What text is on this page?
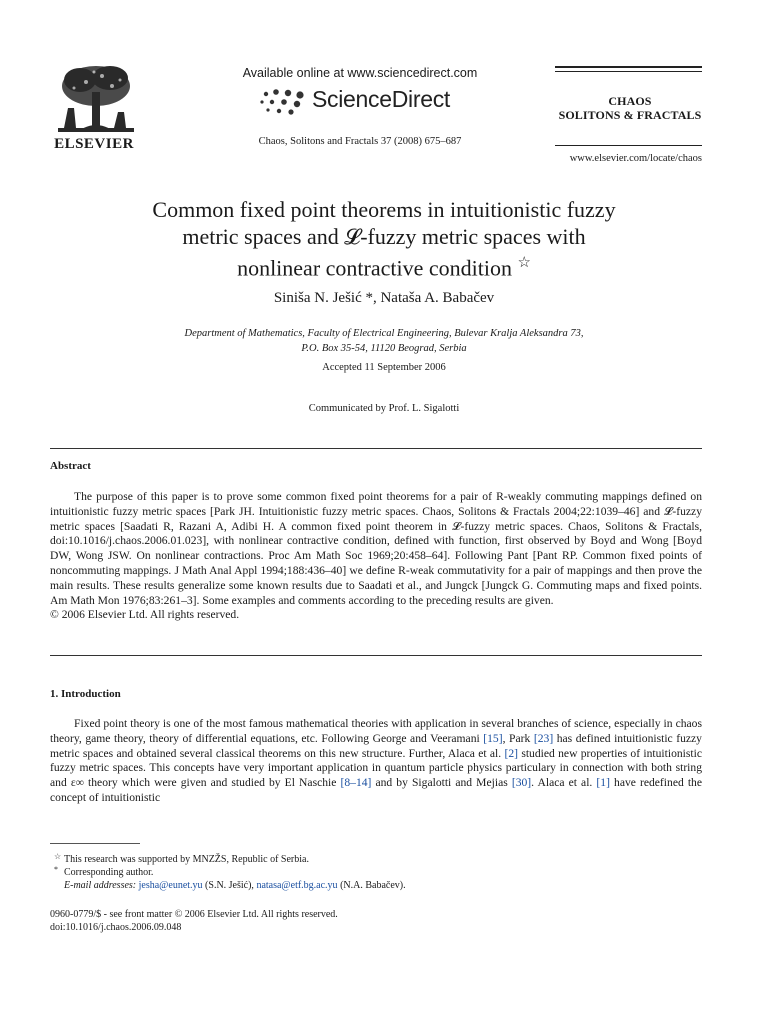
ELSEVIER
Available online at www.sciencedirect.com
ScienceDirect
Chaos, Solitons and Fractals 37 (2008) 675–687
CHAOS
SOLITONS & FRACTALS
www.elsevier.com/locate/chaos
Common fixed point theorems in intuitionistic fuzzy
metric spaces and 𝓛-fuzzy metric spaces with
nonlinear contractive condition ☆
Siniša N. Ješić *, Nataša A. Babačev
Department of Mathematics, Faculty of Electrical Engineering, Bulevar Kralja Aleksandra 73,
P.O. Box 35-54, 11120 Beograd, Serbia
Accepted 11 September 2006
Communicated by Prof. L. Sigalotti
Abstract
The purpose of this paper is to prove some common fixed point theorems for a pair of R-weakly commuting mappings defined on intuitionistic fuzzy metric spaces [Park JH. Intuitionistic fuzzy metric spaces. Chaos, Solitons & Fractals 2004;22:1039–46] and 𝓛-fuzzy metric spaces [Saadati R, Razani A, Adibi H. A common fixed point theorem in 𝓛-fuzzy metric spaces. Chaos, Solitons & Fractals, doi:10.1016/j.chaos.2006.01.023], with nonlinear contractive condition, defined with function, first observed by Boyd and Wong [Boyd DW, Wong JSW. On nonlinear contractions. Proc Am Math Soc 1969;20:458–64]. Following Pant [Pant RP. Common fixed points of noncommuting mappings. J Math Anal Appl 1994;188:436–40] we define R-weak commutativity for a pair of mappings and then prove the main results. These results generalize some known results due to Saadati et al., and Jungck [Jungck G. Commuting maps and fixed points. Am Math Mon 1976;83:261–3]. Some examples and comments according to the preceding results are given.
© 2006 Elsevier Ltd. All rights reserved.
1. Introduction
Fixed point theory is one of the most famous mathematical theories with application in several branches of science, especially in chaos theory, game theory, theory of differential equations, etc. Following George and Veeramani [15], Park [23] has defined intuitionistic fuzzy metric spaces and obtained several classical theorems on this new structure. Further, Alaca et al. [2] studied new properties of intuitionistic fuzzy metric spaces. This concepts have very important application in quantum particle physics particulary in connection with both string and ε∞ theory which were given and studied by El Naschie [8–14] and by Sigalotti and Mejias [30]. Alaca et al. [1] have redefined the concept of intuitionistic
☆ This research was supported by MNZŽS, Republic of Serbia.
* Corresponding author.
E-mail addresses: jesha@eunet.yu (S.N. Ješić), natasa@etf.bg.ac.yu (N.A. Babačev).
0960-0779/$ - see front matter © 2006 Elsevier Ltd. All rights reserved.
doi:10.1016/j.chaos.2006.09.048
